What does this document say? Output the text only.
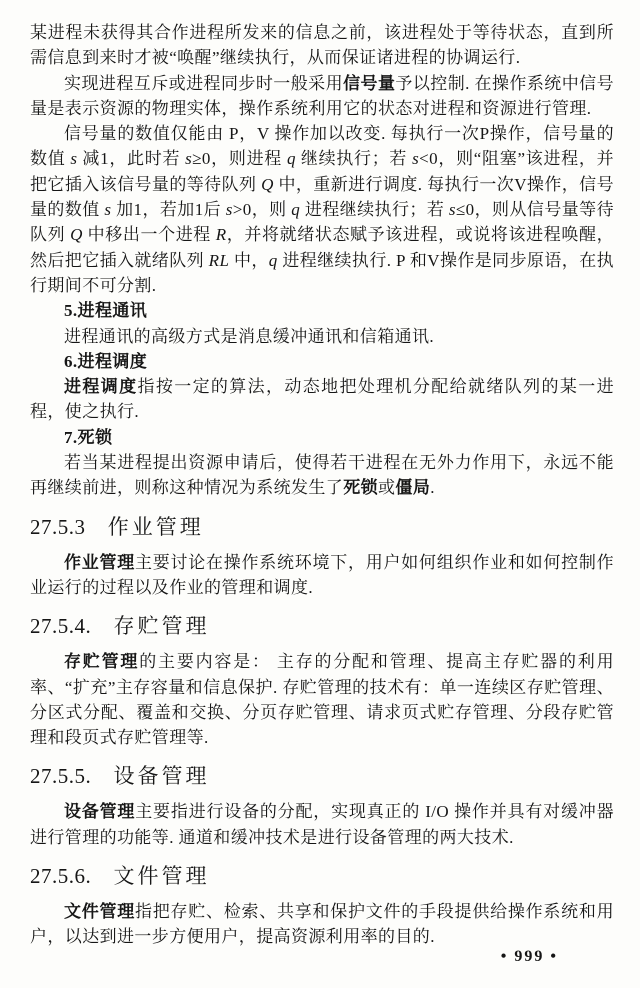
某进程未获得其合作进程所发来的信息之前，该进程处于等待状态，直到所需信息到来时才被“唤醒”继续执行，从而保证诸进程的协调运行.

实现进程互斥或进程同步时一般采用信号量予以控制. 在操作系统中信号量是表示资源的物理实体，操作系统利用它的状态对进程和资源进行管理.

信号量的数值仅能由 P，V 操作加以改变. 每执行一次P操作，信号量的数值 s 减1，此时若 s≥0，则进程 q 继续执行；若 s<0，则“阻塞”该进程，并把它插入该信号量的等待队列 Q 中，重新进行调度. 每执行一次V操作，信号量的数值 s 加1，若加1后 s>0，则 q 进程继续执行；若 s≤0，则从信号量等待队列 Q 中移出一个进程 R，并将就绪状态赋予该进程，或说将该进程唤醒，然后把它插入就绪队列 RL 中，q 进程继续执行. P 和V操作是同步原语，在执行期间不可分割.

5.进程通讯

进程通讯的高级方式是消息缓冲通讯和信箱通讯.

6.进程调度

进程调度指按一定的算法，动态地把处理机分配给就绪队列的某一进程，使之执行.

7.死锁

若当某进程提出资源申请后，使得若干进程在无外力作用下，永远不能再继续前进，则称这种情况为系统发生了死锁或僵局.

27.5.3 作业管理

作业管理主要讨论在操作系统环境下，用户如何组织作业和如何控制作业运行的过程以及作业的管理和调度.

27.5.4. 存贮管理

存贮管理的主要内容是： 主存的分配和管理、提高主存贮器的利用率、“扩充”主存容量和信息保护. 存贮管理的技术有：单一连续区存贮管理、分区式分配、覆盖和交换、分页存贮管理、请求页式贮存管理、分段存贮管理和段页式存贮管理等.

27.5.5. 设备管理

设备管理主要指进行设备的分配，实现真正的 I/O 操作并具有对缓冲器进行管理的功能等. 通道和缓冲技术是进行设备管理的两大技术.

27.5.6. 文件管理

文件管理指把存贮、检索、共享和保护文件的手段提供给操作系统和用户，以达到进一步方便用户，提高资源利用率的目的.

• 999 •
